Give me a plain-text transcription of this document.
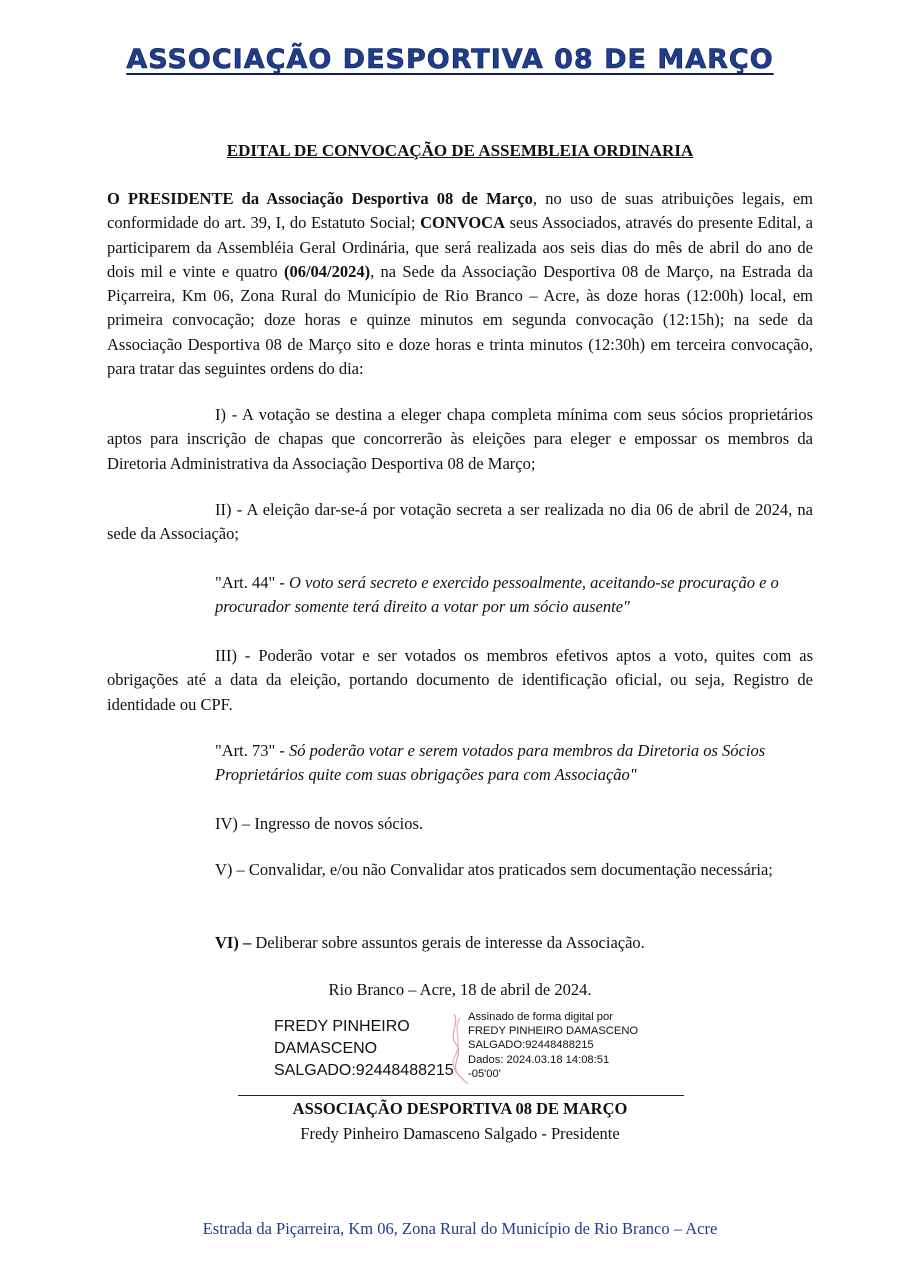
ASSOCIAÇÃO DESPORTIVA 08 DE MARÇO
EDITAL DE CONVOCAÇÃO DE ASSEMBLEIA ORDINARIA

O PRESIDENTE da Associação Desportiva 08 de Março, no uso de suas atribuições legais, em conformidade do art. 39, I, do Estatuto Social; CONVOCA seus Associados, através do presente Edital, a participarem da Assembléia Geral Ordinária, que será realizada aos seis dias do mês de abril do ano de dois mil e vinte e quatro (06/04/2024), na Sede da Associação Desportiva 08 de Março, na Estrada da Piçarreira, Km 06, Zona Rural do Município de Rio Branco – Acre, às doze horas (12:00h) local, em primeira convocação; doze horas e quinze minutos em segunda convocação (12:15h); na sede da Associação Desportiva 08 de Março sito e doze horas e trinta minutos (12:30h) em terceira convocação, para tratar das seguintes ordens do dia:

I) - A votação se destina a eleger chapa completa mínima com seus sócios proprietários aptos para inscrição de chapas que concorrerão às eleições para eleger e empossar os membros da Diretoria Administrativa da Associação Desportiva 08 de Março;

II) - A eleição dar-se-á por votação secreta a ser realizada no dia 06 de abril de 2024, na sede da Associação;

"Art. 44" - O voto será secreto e exercido pessoalmente, aceitando-se procuração e o procurador somente terá direito a votar por um sócio ausente"

III) - Poderão votar e ser votados os membros efetivos aptos a voto, quites com as obrigações até a data da eleição, portando documento de identificação oficial, ou seja, Registro de identidade ou CPF.

"Art. 73" - Só poderão votar e serem votados para membros da Diretoria os Sócios Proprietários quite com suas obrigações para com Associação"

IV) – Ingresso de novos sócios.

V) – Convalidar, e/ou não Convalidar atos praticados sem documentação necessária;

VI) – Deliberar sobre assuntos gerais de interesse da Associação.

Rio Branco – Acre, 18 de abril de 2024.
FREDY PINHEIRO
DAMASCENO
SALGADO:92448488215
Assinado de forma digital por
FREDY PINHEIRO DAMASCENO
SALGADO:92448488215
Dados: 2024.03.18 14:08:51
-05'00'
ASSOCIAÇÃO DESPORTIVA 08 DE MARÇO
Fredy Pinheiro Damasceno Salgado - Presidente
Estrada da Piçarreira, Km 06, Zona Rural do Município de Rio Branco – Acre
